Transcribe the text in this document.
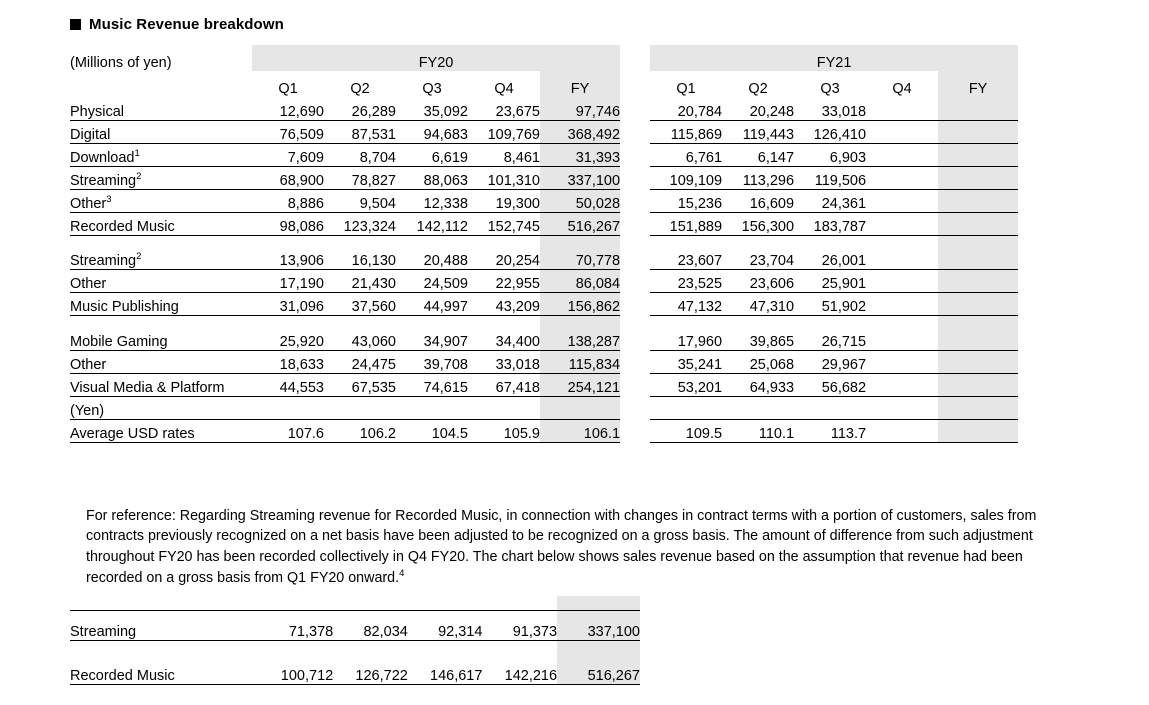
Music Revenue breakdown
(Millions of yen)	FY20						FY21				
	Q1	Q2	Q3	Q4	FY		Q1	Q2	Q3	Q4	FY
Physical	12,690	26,289	35,092	23,675	97,746		20,784	20,248	33,018		
Digital	76,509	87,531	94,683	109,769	368,492		115,869	119,443	126,410		
Download$^1$	7,609	8,704	6,619	8,461	31,393		6,761	6,147	6,903		
Streaming$^2$	68,900	78,827	88,063	101,310	337,100		109,109	113,296	119,506		
Other$^3$	8,886	9,504	12,338	19,300	50,028		15,236	16,609	24,361		
Recorded Music	98,086	123,324	142,112	152,745	516,267		151,889	156,300	183,787		

Streaming$^2$	13,906	16,130	20,488	20,254	70,778		23,607	23,704	26,001		
Other	17,190	21,430	24,509	22,955	86,084		23,525	23,606	25,901		
Music Publishing	31,096	37,560	44,997	43,209	156,862		47,132	47,310	51,902		

Mobile Gaming	25,920	43,060	34,907	34,400	138,287		17,960	39,865	26,715		
Other	18,633	24,475	39,708	33,018	115,834		35,241	25,068	29,967		
Visual Media & Platform	44,553	67,535	74,615	67,418	254,121		53,201	64,933	56,682		
(Yen)											
Average USD rates	107.6	106.2	104.5	105.9	106.1		109.5	110.1	113.7		
For reference: Regarding Streaming revenue for Recorded Music, in connection with changes in contract terms with a portion of customers, sales from contracts previously recognized on a net basis have been adjusted to be recognized on a gross basis. The amount of difference from such adjustment throughout FY20 has been recorded collectively in Q4 FY20. The chart below shows sales revenue based on the assumption that revenue had been recorded on a gross basis from Q1 FY20 onward.$^4$

Streaming	71,378	82,034	92,314	91,373	337,100

Recorded Music	100,712	126,722	146,617	142,216	516,267
